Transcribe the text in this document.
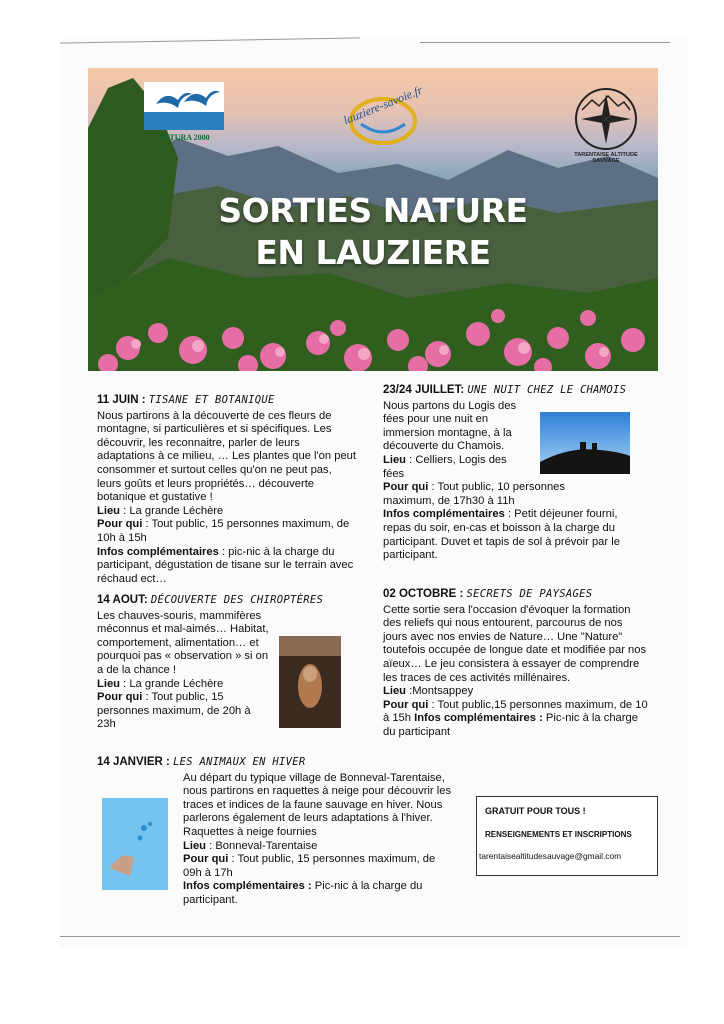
NATURA 2000
lauziere-savoie.fr
TARENTAISE ALTITUDE SAUVAGE
SORTIES NATURE
EN LAUZIERE

11 JUIN : TISANE ET BOTANIQUE

Nous partirons à la découverte de ces fleurs de montagne, si particulières et si spécifiques. Les découvrir, les reconnaitre, parler de leurs adaptations à ce milieu, … Les plantes que l'on peut consommer et surtout celles qu'on ne peut pas, leurs goûts et leurs propriétés… découverte botanique et gustative !

Lieu : La grande Léchère

Pour qui : Tout public, 15 personnes maximum, de 10h à 15h

Infos complémentaires : pic-nic à la charge du participant, dégustation de tisane sur le terrain avec réchaud ect…

23/24 JUILLET: UNE NUIT CHEZ LE CHAMOIS

Nous partons du Logis des fées pour une nuit en immersion montagne, à la découverte du Chamois.

Lieu : Celliers, Logis des fées

Pour qui : Tout public, 10 personnes maximum, de 17h30 à 11h

Infos complémentaires : Petit déjeuner fourni, repas du soir, en-cas et boisson à la charge du participant. Duvet et tapis de sol à prévoir par le participant.

14 AOUT: DÉCOUVERTE DES CHIROPTÈRES

Les chauves-souris, mammifères méconnus et mal-aimés… Habitat, comportement, alimentation… et pourquoi pas « observation » si on a de la chance !

Lieu : La grande Léchère

Pour qui : Tout public, 15 personnes maximum, de 20h à 23h

02 OCTOBRE : SECRETS DE PAYSAGES

Cette sortie sera l'occasion d'évoquer la formation des reliefs qui nous entourent, parcourus de nos jours avec nos envies de Nature… Une "Nature" toutefois occupée de longue date et modifiée par nos aïeux… Le jeu consistera à essayer de comprendre les traces de ces activités millénaires.

Lieu :Montsappey

Pour qui : Tout public,15 personnes maximum, de 10 à 15h Infos complémentaires : Pic-nic à la charge du participant

14 JANVIER : LES ANIMAUX EN HIVER

Au départ du typique village de Bonneval-Tarentaise, nous partirons en raquettes à neige pour découvrir les traces et indices de la faune sauvage en hiver. Nous parlerons également de leurs adaptations à l'hiver. Raquettes à neige fournies

Lieu : Bonneval-Tarentaise

Pour qui : Tout public, 15 personnes maximum, de 09h à 17h

Infos complémentaires : Pic-nic à la charge du participant.

GRATUIT POUR TOUS !
RENSEIGNEMENTS ET INSCRIPTIONS
tarentaisealtitudesauvage@gmail.com
